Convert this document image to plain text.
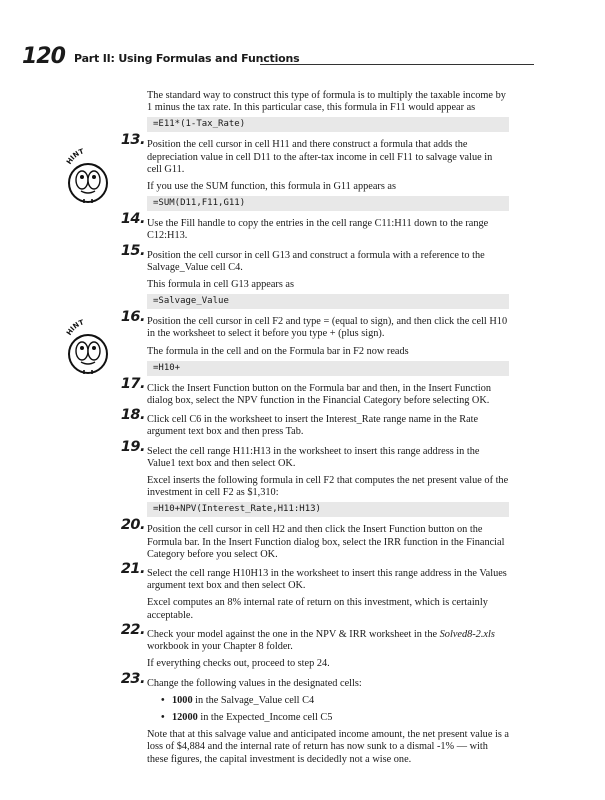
120 Part II: Using Formulas and Functions
HINT
HINT

The standard way to construct this type of formula is to multiply the taxable income by 1 minus the tax rate. In this particular case, this formula in F11 would appear as

=E11*(1-Tax_Rate)
13. Position the cell cursor in cell H11 and there construct a formula that adds the depreciation value in cell D11 to the after-tax income in cell F11 to salvage value in cell G11.

If you use the SUM function, this formula in G11 appears as

=SUM(D11,F11,G11)
14. Use the Fill handle to copy the entries in the cell range C11:H11 down to the range C12:H13.

15. Position the cell cursor in cell G13 and construct a formula with a reference to the Salvage_Value cell C4.

This formula in cell G13 appears as

=Salvage_Value
16. Position the cell cursor in cell F2 and type = (equal to sign), and then click the cell H10 in the worksheet to select it before you type + (plus sign).

The formula in the cell and on the Formula bar in F2 now reads

=H10+
17. Click the Insert Function button on the Formula bar and then, in the Insert Function dialog box, select the NPV function in the Financial Category before selecting OK.

18. Click cell C6 in the worksheet to insert the Interest_Rate range name in the Rate argument text box and then press Tab.

19. Select the cell range H11:H13 in the worksheet to insert this range address in the Value1 text box and then select OK.

Excel inserts the following formula in cell F2 that computes the net present value of the investment in cell F2 as $1,310:

=H10+NPV(Interest_Rate,H11:H13)
20. Position the cell cursor in cell H2 and then click the Insert Function button on the Formula bar. In the Insert Function dialog box, select the IRR function in the Financial Category before you select OK.

21. Select the cell range H10H13 in the worksheet to insert this range address in the Values argument text box and then select OK.

Excel computes an 8% internal rate of return on this investment, which is certainly acceptable.

22. Check your model against the one in the NPV & IRR worksheet in the Solved8-2.xls workbook in your Chapter 8 folder.

If everything checks out, proceed to step 24.

23. Change the following values in the designated cells:

• 1000 in the Salvage_Value cell C4
• 12000 in the Expected_Income cell C5

Note that at this salvage value and anticipated income amount, the net present value is a loss of $4,884 and the internal rate of return has now sunk to a dismal -1% — with these figures, the capital investment is decidedly not a wise one.
